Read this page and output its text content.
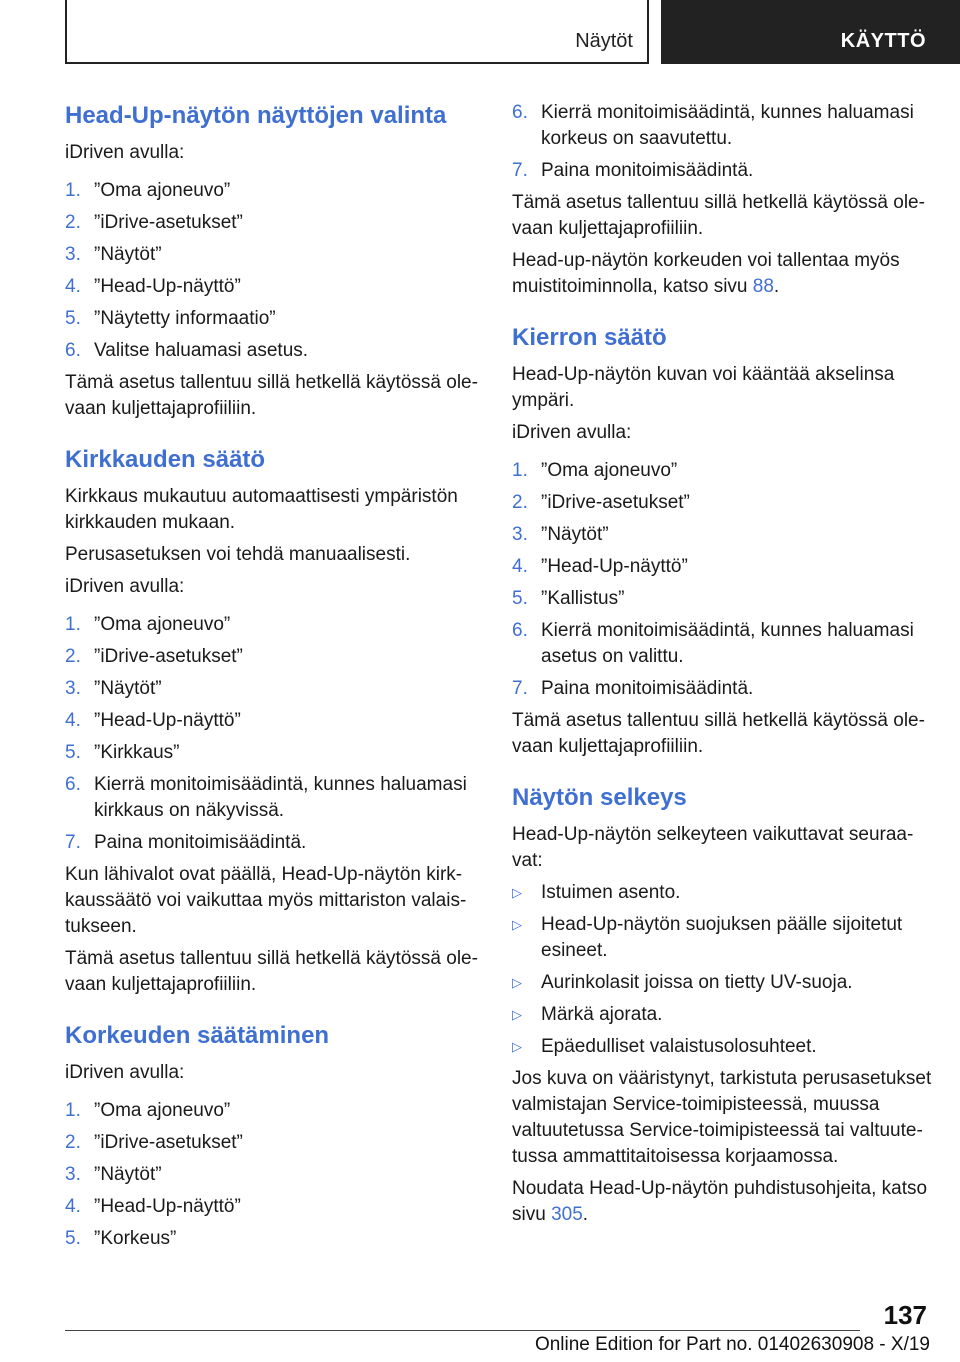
Näytöt	KÄYTTÖ
Head-Up-näytön näyttöjen valinta

iDriven avulla:

1. ”Oma ajoneuvo”
2. ”iDrive-asetukset”
3. ”Näytöt”
4. ”Head-Up-näyttö”
5. ”Näytetty informaatio”
6. Valitse haluamasi asetus.

Tämä asetus tallentuu sillä hetkellä käytössä olevaan kuljettajaprofiiliin.

Kirkkauden säätö

Kirkkaus mukautuu automaattisesti ympäristön kirkkauden mukaan.

Perusasetuksen voi tehdä manuaalisesti.

iDriven avulla:

1. ”Oma ajoneuvo”
2. ”iDrive-asetukset”
3. ”Näytöt”
4. ”Head-Up-näyttö”
5. ”Kirkkaus”
6. Kierrä monitoimisäädintä, kunnes haluamasi kirkkaus on näkyvissä.
7. Paina monitoimisäädintä.

Kun lähivalot ovat päällä, Head-Up-näytön kirkkaussäätö voi vaikuttaa myös mittariston valaistukseen.

Tämä asetus tallentuu sillä hetkellä käytössä olevaan kuljettajaprofiiliin.

Korkeuden säätäminen

iDriven avulla:

1. ”Oma ajoneuvo”
2. ”iDrive-asetukset”
3. ”Näytöt”
4. ”Head-Up-näyttö”
5. ”Korkeus”
6. Kierrä monitoimisäädintä, kunnes haluamasi korkeus on saavutettu.
7. Paina monitoimisäädintä.

Tämä asetus tallentuu sillä hetkellä käytössä olevaan kuljettajaprofiiliin.

Head-up-näytön korkeuden voi tallentaa myös muistitoiminnolla, katso sivu 88.

Kierron säätö

Head-Up-näytön kuvan voi kääntää akselinsa ympäri.

iDriven avulla:

1. ”Oma ajoneuvo”
2. ”iDrive-asetukset”
3. ”Näytöt”
4. ”Head-Up-näyttö”
5. ”Kallistus”
6. Kierrä monitoimisäädintä, kunnes haluamasi asetus on valittu.
7. Paina monitoimisäädintä.

Tämä asetus tallentuu sillä hetkellä käytössä olevaan kuljettajaprofiiliin.

Näytön selkeys

Head-Up-näytön selkeyteen vaikuttavat seuraavat:

▷	Istuimen asento.
▷	Head-Up-näytön suojuksen päälle sijoitetut esineet.
▷	Aurinkolasit joissa on tietty UV-suoja.
▷	Märkä ajorata.
▷	Epäedulliset valaistusolosuhteet.

Jos kuva on vääristynyt, tarkistuta perusasetukset valmistajan Service-toimipisteessä, muussa valtuutetussa Service-toimipisteessä tai valtuutetussa ammattitaitoisessa korjaamossa.

Noudata Head-Up-näytön puhdistusohjeita, katso sivu 305.

137
Online Edition for Part no. 01402630908 - X/19
